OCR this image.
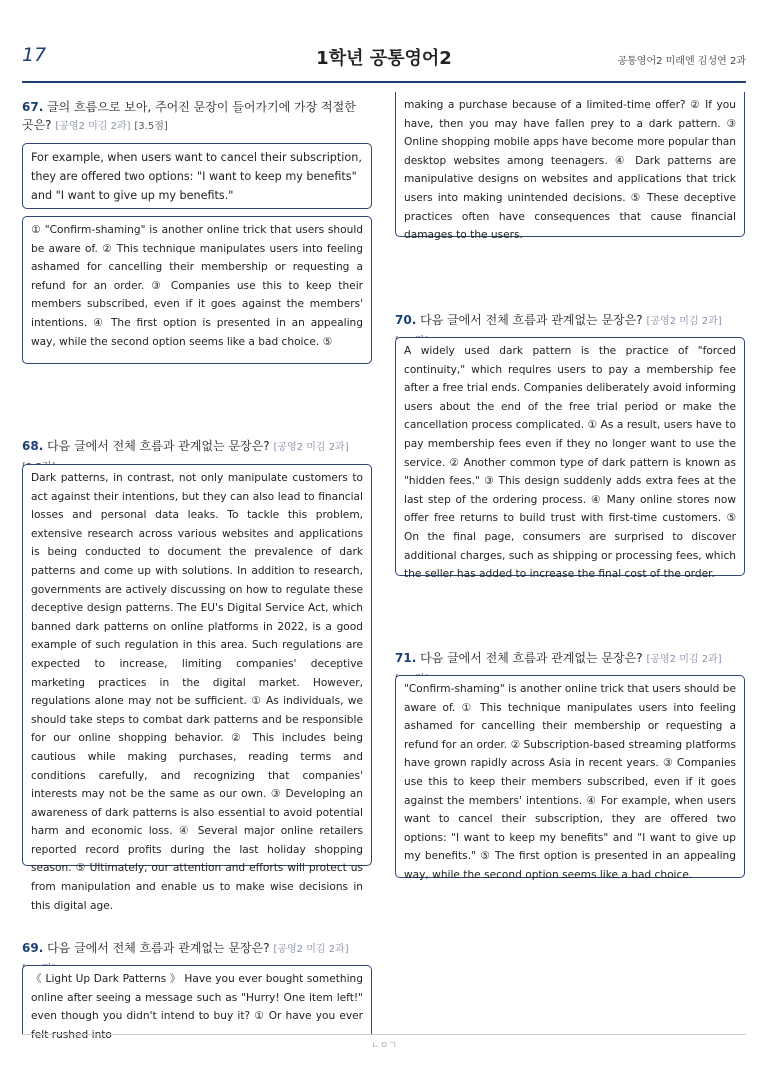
17	1학년 공통영어2	공통영어2 미래엔 김성연 2과
67. 글의 흐름으로 보아, 주어진 문장이 들어가기에 가장 적절한 곳은? [공영2 미김 2과] [3.5점]

For example, when users want to cancel their subscription, they are offered two options: "I want to keep my benefits" and "I want to give up my benefits."

① "Confirm-shaming" is another online trick that users should be aware of. ② This technique manipulates users into feeling ashamed for cancelling their membership or requesting a refund for an order. ③ Companies use this to keep their members subscribed, even if it goes against the members' intentions. ④ The first option is presented in an appealing way, while the second option seems like a bad choice. ⑤

68. 다음 글에서 전체 흐름과 관계없는 문장은? [공영2 미김 2과]

Dark patterns, in contrast, not only manipulate customers to act against their intentions, but they can also lead to financial losses and personal data leaks. To tackle this problem, extensive research across various websites and applications is being conducted to document the prevalence of dark patterns and come up with solutions. In addition to research, governments are actively discussing on how to regulate these deceptive design patterns. The EU's Digital Service Act, which banned dark patterns on online platforms in 2022, is a good example of such regulation in this area. Such regulations are expected to increase, limiting companies' deceptive marketing practices in the digital market. However, regulations alone may not be sufficient. ① As individuals, we should take steps to combat dark patterns and be responsible for our online shopping behavior. ② This includes being cautious while making purchases, reading terms and conditions carefully, and recognizing that companies' interests may not be the same as our own. ③ Developing an awareness of dark patterns is also essential to avoid potential harm and economic loss. ④ Several major online retailers reported record profits during the last holiday shopping season. ⑤ Ultimately, our attention and efforts will protect us from manipulation and enable us to make wise decisions in this digital age.

69. 다음 글에서 전체 흐름과 관계없는 문장은? [공영2 미김 2과]

《 Light Up Dark Patterns 》 Have you ever bought something online after seeing a message such as "Hurry! One item left!" even though you didn't intend to buy it? ① Or have you ever

making a purchase because of a limited-time offer? ② If you have, then you may have fallen prey to a dark pattern. ③ Online shopping mobile apps have become more popular than desktop websites among teenagers. ④ Dark patterns are manipulative designs on websites and applications that trick users into making unintended decisions. ⑤ These deceptive practices often have consequences that cause financial damages to the users.

70. 다음 글에서 전체 흐름과 관계없는 문장은? [공영2 미김 2과]

A widely used dark pattern is the practice of "forced continuity," which requires users to pay a membership fee after a free trial ends. Companies deliberately avoid informing users about the end of the free trial period or make the cancellation process complicated. ① As a result, users have to pay membership fees even if they no longer want to use the service. ② Another common type of dark pattern is known as "hidden fees." ③ This design suddenly adds extra fees at the last step of the ordering process. ④ Many online stores now offer free returns to build trust with first-time customers. ⑤ On the final page, consumers are surprised to discover additional charges, such as shipping or processing fees, which the seller has added to increase the final cost of the order.

71. 다음 글에서 전체 흐름과 관계없는 문장은? [공영2 미김 2과]

"Confirm-shaming" is another online trick that users should be aware of. ① This technique manipulates users into feeling ashamed for cancelling their membership or requesting a refund for an order. ② Subscription-based streaming platforms have grown rapidly across Asia in recent years. ③ Companies use this to keep their members subscribed, even if it goes against the members' intentions. ④ For example, when users want to cancel their subscription, they are offered two options: "I want to keep my benefits" and "I want to give up my benefits." ⑤ The first option is presented in an appealing way, while the second option seems like a bad choice.

ㄴㅇㄱ
